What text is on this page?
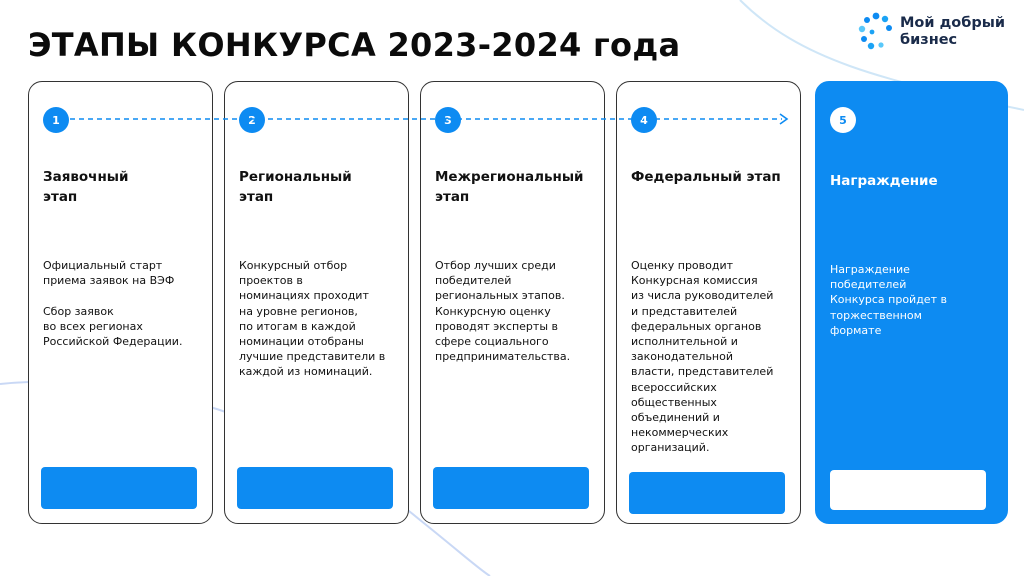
ЭТАПЫ КОНКУРСА 2023-2024 года
Мой добрый бизнес
1
Заявочный
этап
Официальный старт
приема заявок на ВЭФ

Сбор заявок
во всех регионах
Российской Федерации.
2
Региональный
этап
Конкурсный отбор
проектов в
номинациях проходит
на уровне регионов,
по итогам в каждой
номинации отобраны
лучшие представители в
каждой из номинаций.
3
Межрегиональный
этап
Отбор лучших среди
победителей
региональных этапов.
Конкурсную оценку
проводят эксперты в
сфере социального
предпринимательства.
4
Федеральный этап
Оценку проводит
Конкурсная комиссия
из числа руководителей
и представителей
федеральных органов
исполнительной и
законодательной
власти, представителей
всероссийских
общественных
объединений и
некоммерческих
организаций.
5
Награждение
Награждение
победителей
Конкурса пройдет в
торжественном
формате
